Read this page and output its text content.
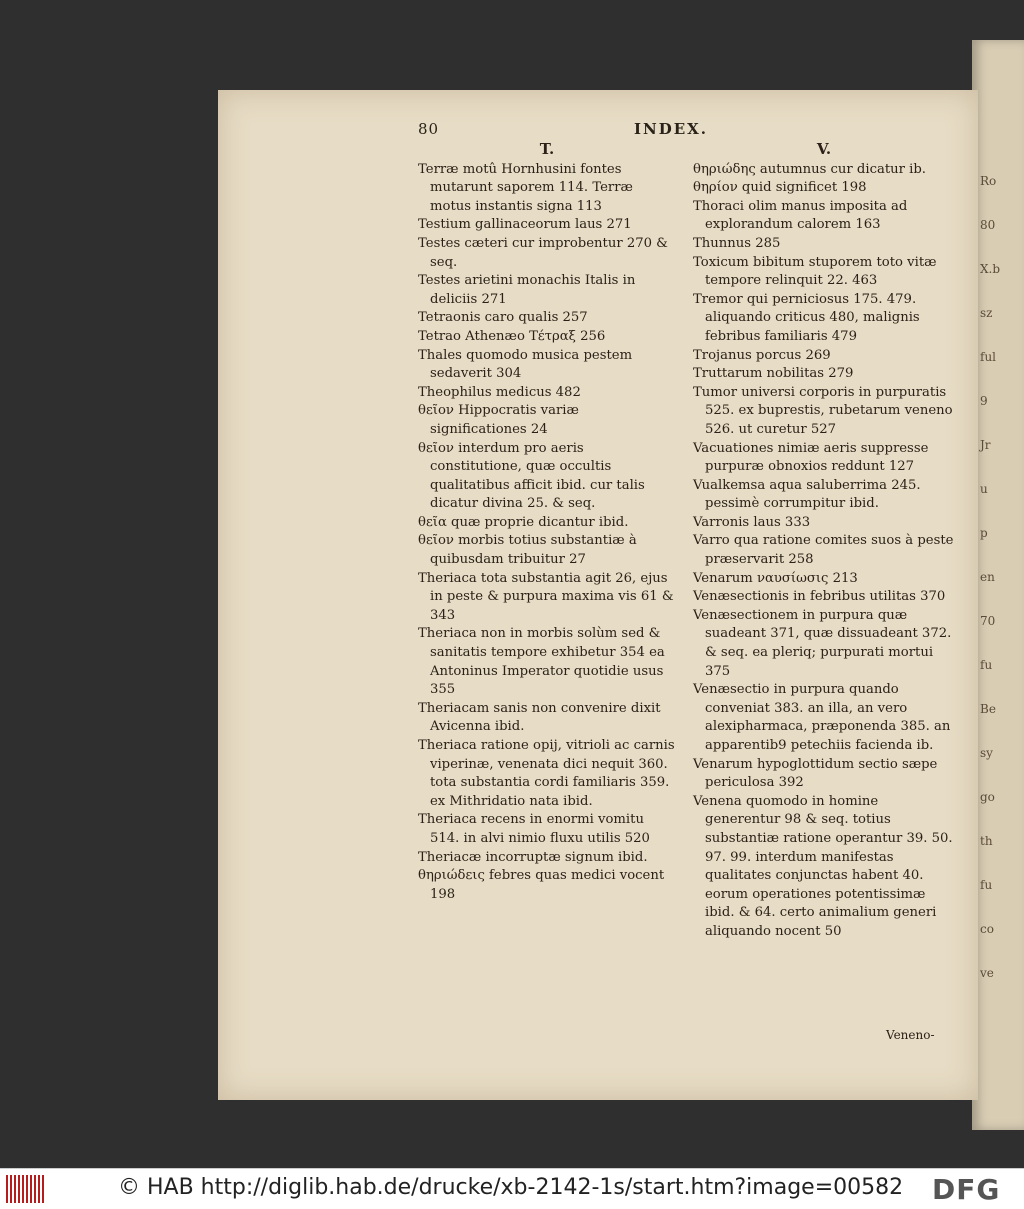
Ro
80
X.b
sz
ful
9
Jr
u
p
en
70
fu
Be
sy
go
th
fu
co
ve
80	INDEX.
T.

Terræ motû Hornhusini fontes mutarunt saporem 114. Terræ motus instantis signa 113

Testium gallinaceorum laus 271

Testes cæteri cur improbentur 270 & seq.

Testes arietini monachis Italis in deliciis 271

Tetraonis caro qualis 257

Tetrao Athenæo Τέτραξ 256

Thales quomodo musica pestem sedaverit 304

Theophilus medicus 482

θεῖον Hippocratis variæ significationes 24

θεῖον interdum pro aeris constitutione, quæ occultis qualitatibus afficit ibid. cur talis dicatur divina 25. & seq.

θεῖα quæ proprie dicantur ibid.

θεῖον morbis totius substantiæ à quibusdam tribuitur 27

Theriaca tota substantia agit 26, ejus in peste & purpura maxima vis 61 & 343

Theriaca non in morbis solùm sed & sanitatis tempore exhibetur 354 ea Antoninus Imperator quotidie usus 355

Theriacam sanis non convenire dixit Avicenna ibid.

Theriaca ratione opij, vitrioli ac carnis viperinæ, venenata dici nequit 360. tota substantia cordi familiaris 359. ex Mithridatio nata ibid.

Theriaca recens in enormi vomitu 514. in alvi nimio fluxu utilis 520

Theriacæ incorruptæ signum ibid.

θηριώδεις febres quas medici vocent 198

V.

θηριώδης autumnus cur dicatur ib.

θηρίον quid significet 198

Thoraci olim manus imposita ad explorandum calorem 163

Thunnus 285

Toxicum bibitum stuporem toto vitæ tempore relinquit 22. 463

Tremor qui perniciosus 175. 479. aliquando criticus 480, malignis febribus familiaris 479

Trojanus porcus 269

Truttarum nobilitas 279

Tumor universi corporis in purpuratis 525. ex buprestis, rubetarum veneno 526. ut curetur 527

Vacuationes nimiæ aeris suppresse purpuræ obnoxios reddunt 127

Vualkemsa aqua saluberrima 245. pessimè corrumpitur ibid.

Varronis laus 333

Varro qua ratione comites suos à peste præservarit 258

Venarum ναυσίωσις 213

Venæsectionis in febribus utilitas 370

Venæsectionem in purpura quæ suadeant 371, quæ dissuadeant 372. & seq. ea pleriq; purpurati mortui 375

Venæsectio in purpura quando conveniat 383. an illa, an vero alexipharmaca, præponenda 385. an apparentib9 petechiis facienda ib.

Venarum hypoglottidum sectio sæpe periculosa 392

Venena quomodo in homine generentur 98 & seq. totius substantiæ ratione operantur 39. 50. 97. 99. interdum manifestas qualitates conjunctas habent 40. eorum operationes potentissimæ ibid. & 64. certo animalium generi aliquando nocent 50

Veneno-
© HAB http://diglib.hab.de/drucke/xb-2142-1s/start.htm?image=00582 DFG
